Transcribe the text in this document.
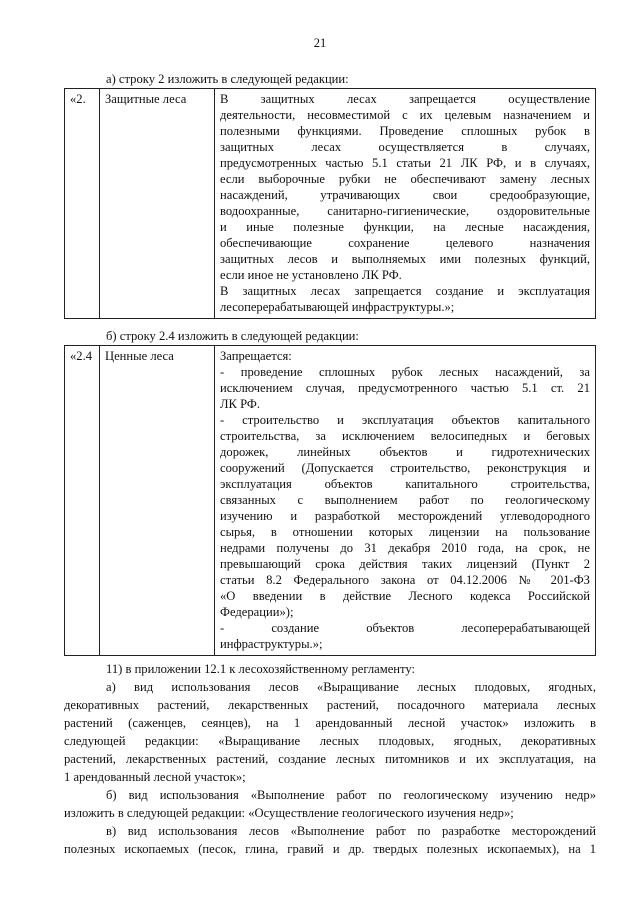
21
а) строку 2 изложить в следующей редакции:
«2.	Защитные леса	В защитных лесах запрещается осуществление
деятельности, несовместимой с их целевым назначением и
полезными функциями. Проведение сплошных рубок в
защитных лесах осуществляется в случаях,
предусмотренных частью 5.1 статьи 21 ЛК РФ, и в случаях,
если выборочные рубки не обеспечивают замену лесных
насаждений, утрачивающих свои средообразующие,
водоохранные, санитарно-гигиенические, оздоровительные
и иные полезные функции, на лесные насаждения,
обеспечивающие сохранение целевого назначения
защитных лесов и выполняемых ими полезных функций,
если иное не установлено ЛК РФ.
В защитных лесах запрещается создание и эксплуатация
лесоперерабатывающей инфраструктуры.»;
б) строку 2.4 изложить в следующей редакции:
«2.4	Ценные леса	Запрещается:
- проведение сплошных рубок лесных насаждений, за
исключением случая, предусмотренного частью 5.1 ст. 21
ЛК РФ.
- строительство и эксплуатация объектов капитального
строительства, за исключением велосипедных и беговых
дорожек, линейных объектов и гидротехнических
сооружений (Допускается строительство, реконструкция и
эксплуатация объектов капитального строительства,
связанных с выполнением работ по геологическому
изучению и разработкой месторождений углеводородного
сырья, в отношении которых лицензии на пользование
недрами получены до 31 декабря 2010 года, на срок, не
превышающий срока действия таких лицензий (Пункт 2
статьи 8.2 Федерального закона от 04.12.2006 № 201-ФЗ
«О введении в действие Лесного кодекса Российской
Федерации»);
- создание объектов лесоперерабатывающей
инфраструктуры.»;
11) в приложении 12.1 к лесохозяйственному регламенту:
а) вид использования лесов «Выращивание лесных плодовых, ягодных,
декоративных растений, лекарственных растений, посадочного материала лесных
растений (саженцев, сеянцев), на 1 арендованный лесной участок» изложить в
следующей редакции: «Выращивание лесных плодовых, ягодных, декоративных
растений, лекарственных растений, создание лесных питомников и их эксплуатация, на
1 арендованный лесной участок»;
б) вид использования «Выполнение работ по геологическому изучению недр»
изложить в следующей редакции: «Осуществление геологического изучения недр»;
в) вид использования лесов «Выполнение работ по разработке месторождений
полезных ископаемых (песок, глина, гравий и др. твердых полезных ископаемых), на 1
